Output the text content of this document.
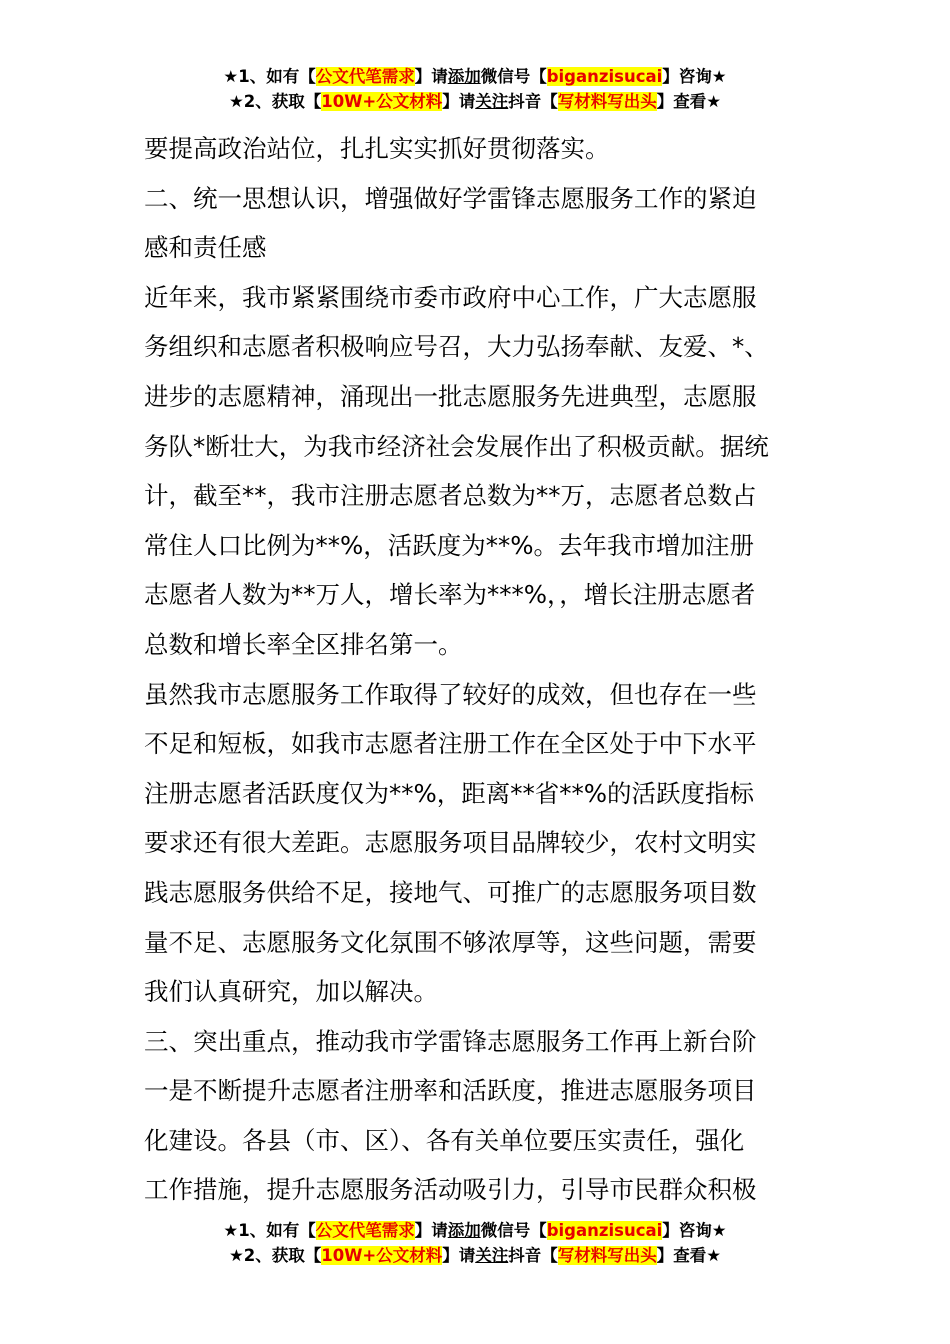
★1、如有【公文代笔需求】请添加微信号【biganzisucai】咨询★
★2、获取【10W+公文材料】请关注抖音【写材料写出头】查看★
要提高政治站位，扎扎实实抓好贯彻落实。
二、统一思想认识，增强做好学雷锋志愿服务工作的紧迫
感和责任感
近年来，我市紧紧围绕市委市政府中心工作，广大志愿服
务组织和志愿者积极响应号召，大力弘扬奉献、友爱、*、
进步的志愿精神，涌现出一批志愿服务先进典型，志愿服
务队*断壮大，为我市经济社会发展作出了积极贡献。据统
计，截至**，我市注册志愿者总数为**万，志愿者总数占
常住人口比例为**%，活跃度为**%。去年我市增加注册
志愿者人数为**万人，增长率为***%，，增长注册志愿者
总数和增长率全区排名第一。
虽然我市志愿服务工作取得了较好的成效，但也存在一些
不足和短板，如我市志愿者注册工作在全区处于中下水平
注册志愿者活跃度仅为**%，距离**省**%的活跃度指标
要求还有很大差距。志愿服务项目品牌较少，农村文明实
践志愿服务供给不足，接地气、可推广的志愿服务项目数
量不足、志愿服务文化氛围不够浓厚等，这些问题，需要
我们认真研究，加以解决。
三、突出重点，推动我市学雷锋志愿服务工作再上新台阶
一是不断提升志愿者注册率和活跃度，推进志愿服务项目
化建设。各县（市、区）、各有关单位要压实责任，强化
工作措施，提升志愿服务活动吸引力，引导市民群众积极
★1、如有【公文代笔需求】请添加微信号【biganzisucai】咨询★
★2、获取【10W+公文材料】请关注抖音【写材料写出头】查看★
